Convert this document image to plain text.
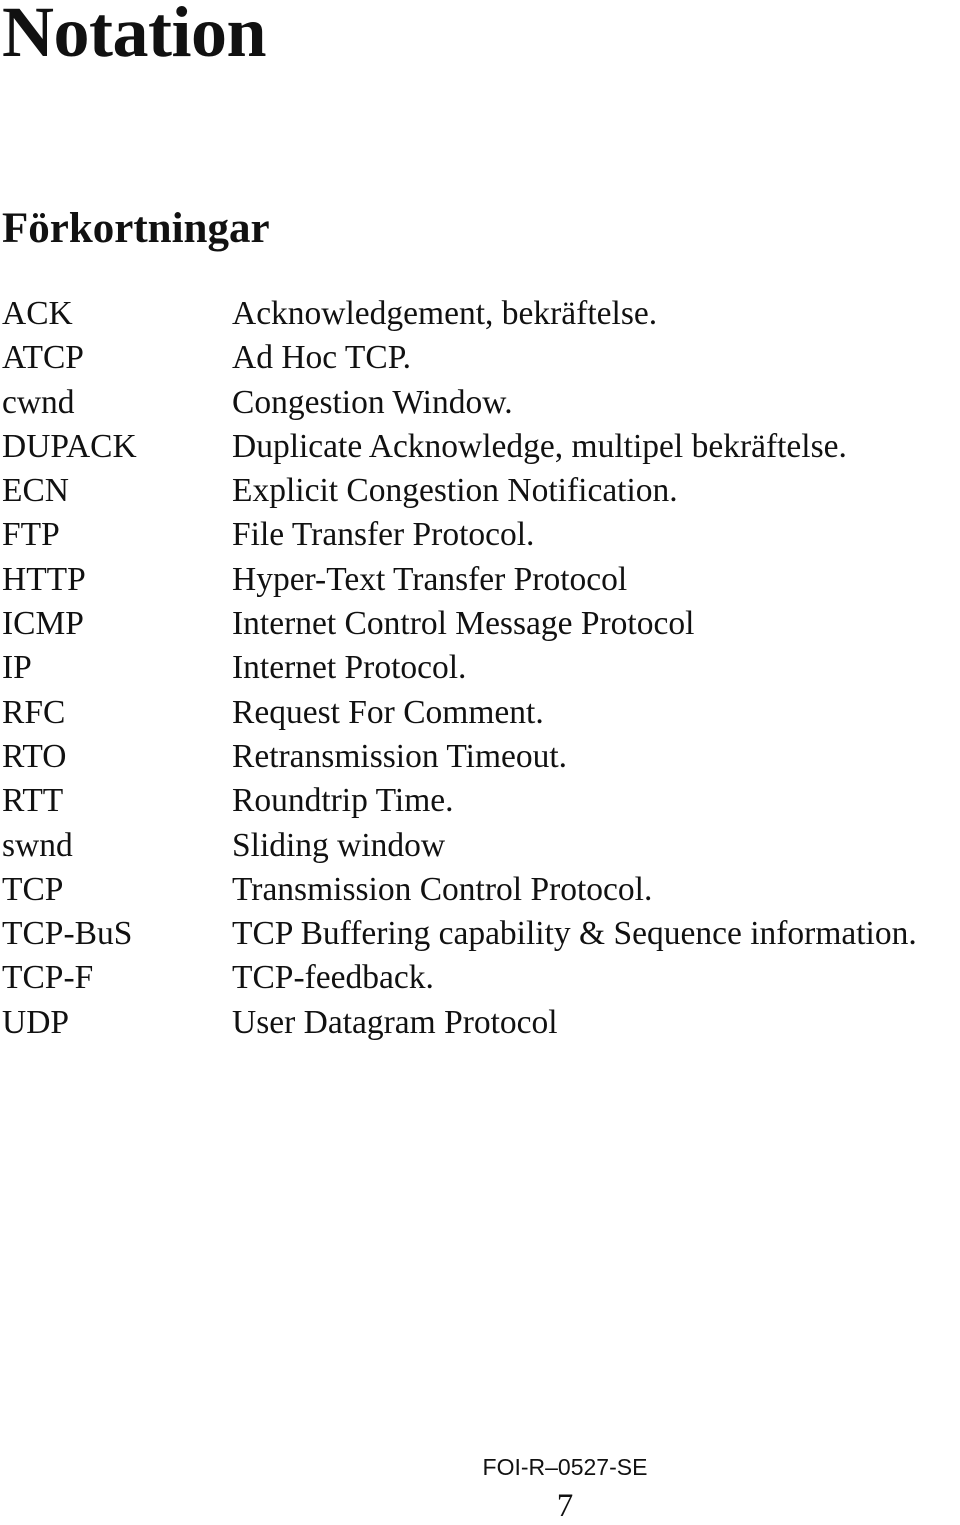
Notation
Förkortningar
ACK	Acknowledgement, bekräftelse.
ATCP	Ad Hoc TCP.
cwnd	Congestion Window.
DUPACK	Duplicate Acknowledge, multipel bekräftelse.
ECN	Explicit Congestion Notification.
FTP	File Transfer Protocol.
HTTP	Hyper-Text Transfer Protocol
ICMP	Internet Control Message Protocol
IP	Internet Protocol.
RFC	Request For Comment.
RTO	Retransmission Timeout.
RTT	Roundtrip Time.
swnd	Sliding window
TCP	Transmission Control Protocol.
TCP-BuS	TCP Buffering capability & Sequence information.
TCP-F	TCP-feedback.
UDP	User Datagram Protocol
FOI-R–0527-SE
7
